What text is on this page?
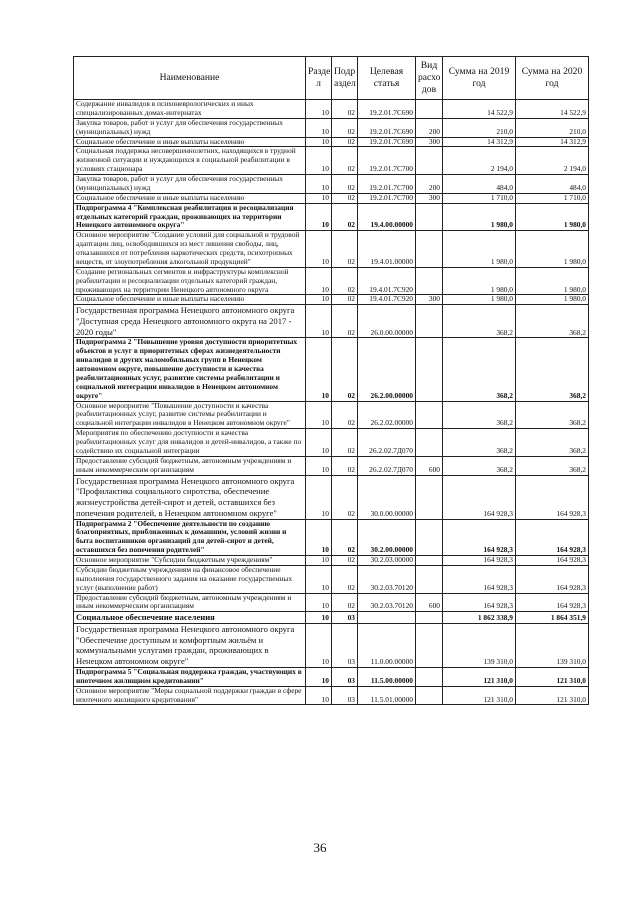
Наименование	Разде л	Подр аздел	Целевая статья	Вид расхо дов	Сумма на 2019 год	Сумма на 2020 год
Содержание инвалидов в психоневрологических и иных специализированных домах-интернатах	10	02	19.2.01.7С690		14 522,9	14 522,9
Закупка товаров, работ и услуг для обеспечения государственных (муниципальных) нужд	10	02	19.2.01.7С690	200	210,0	210,0
Социальное обеспечение и иные выплаты населению	10	02	19.2.01.7С690	300	14 312,9	14 312,9
Социальная поддержка несовершеннолетних, находящихся в трудной жизненной ситуации и нуждающихся в социальной реабилитации в условиях стационара	10	02	19.2.01.7С700		2 194,0	2 194,0
Закупка товаров, работ и услуг для обеспечения государственных (муниципальных) нужд	10	02	19.2.01.7С700	200	484,0	484,0
Социальное обеспечение и иные выплаты населению	10	02	19.2.01.7С700	300	1 710,0	1 710,0
Подпрограмма 4 "Комплексная реабилитация и ресоциализация отдельных категорий граждан, проживающих на территории Ненецкого автономного округа"	10	02	19.4.00.00000		1 980,0	1 980,0
Основное мероприятие "Создание условий для социальной и трудовой адаптации лиц, освободившихся из мест лишения свободы, лиц, отказавшихся от потребления наркотических средств, психотропных веществ, от злоупотребления алкогольной продукцией"	10	02	19.4.01.00000		1 980,0	1 980,0
Создание региональных сегментов и инфраструктуры комплексной реабилитации и ресоциализации отдельных категорий граждан, проживающих на территории Ненецкого автономного округа	10	02	19.4.01.7С920		1 980,0	1 980,0
Социальное обеспечение и иные выплаты населению	10	02	19.4.01.7С920	300	1 980,0	1 980,0
Государственная программа Ненецкого автономного округа "Доступная среда Ненецкого автономного округа на 2017 - 2020 годы"	10	02	26.0.00.00000		368,2	368,2
Подпрограмма 2 "Повышение уровня доступности приоритетных объектов и услуг в приоритетных сферах жизнедеятельности инвалидов и других маломобильных групп в Ненецком автономном округе, повышение доступности и качества реабилитационных услуг, развитие системы реабилитации и социальной интеграции инвалидов в Ненецком автономном округе"	10	02	26.2.00.00000		368,2	368,2
Основное мероприятие "Повышение доступности и качества реабилитационных услуг, развитие системы реабилитации и социальной интеграции инвалидов в Ненецком автономном округе"	10	02	26.2.02.00000		368,2	368,2
Мероприятия по обеспечению доступности и качества реабилитационных услуг для инвалидов и детей-инвалидов, а также по содействию их социальной интеграции	10	02	26.2.02.7Д070		368,2	368,2
Предоставление субсидий бюджетным, автономным учреждениям и иным некоммерческим организациям	10	02	26.2.02.7Д070	600	368,2	368,2
Государственная программа Ненецкого автономного округа "Профилактика социального сиротства, обеспечение жизнеустройства детей-сирот и детей, оставшихся без попечения родителей, в Ненецком автономном округе"	10	02	30.0.00.00000		164 928,3	164 928,3
Подпрограмма 2 "Обеспечение деятельности по созданию благоприятных, приближенных к домашним, условий жизни и быта воспитанников организаций для детей-сирот и детей, оставшихся без попечения родителей"	10	02	30.2.00.00000		164 928,3	164 928,3
Основное мероприятие "Субсидии бюджетным учреждениям"	10	02	30.2.03.00000		164 928,3	164 928,3
Субсидии бюджетным учреждениям на финансовое обеспечение выполнения государственного задания на оказание государственных услуг (выполнение работ)	10	02	30.2.03.70120		164 928,3	164 928,3
Предоставление субсидий бюджетным, автономным учреждениям и иным некоммерческим организациям	10	02	30.2.03.70120	600	164 928,3	164 928,3
Социальное обеспечение населения	10	03			1 862 338,9	1 864 351,9
Государственная программа Ненецкого автономного округа "Обеспечение доступным и комфортным жильём и коммунальными услугами граждан, проживающих в Ненецком автономном округе"	10	03	11.0.00.00000		139 310,0	139 310,0
Подпрограмма 5 "Социальная поддержка граждан, участвующих в ипотечном жилищном кредитовании"	10	03	11.5.00.00000		121 310,0	121 310,0
Основное мероприятие "Меры социальной поддержки граждан в сфере ипотечного жилищного кредитования"	10	03	11.5.01.00000		121 310,0	121 310,0
36
